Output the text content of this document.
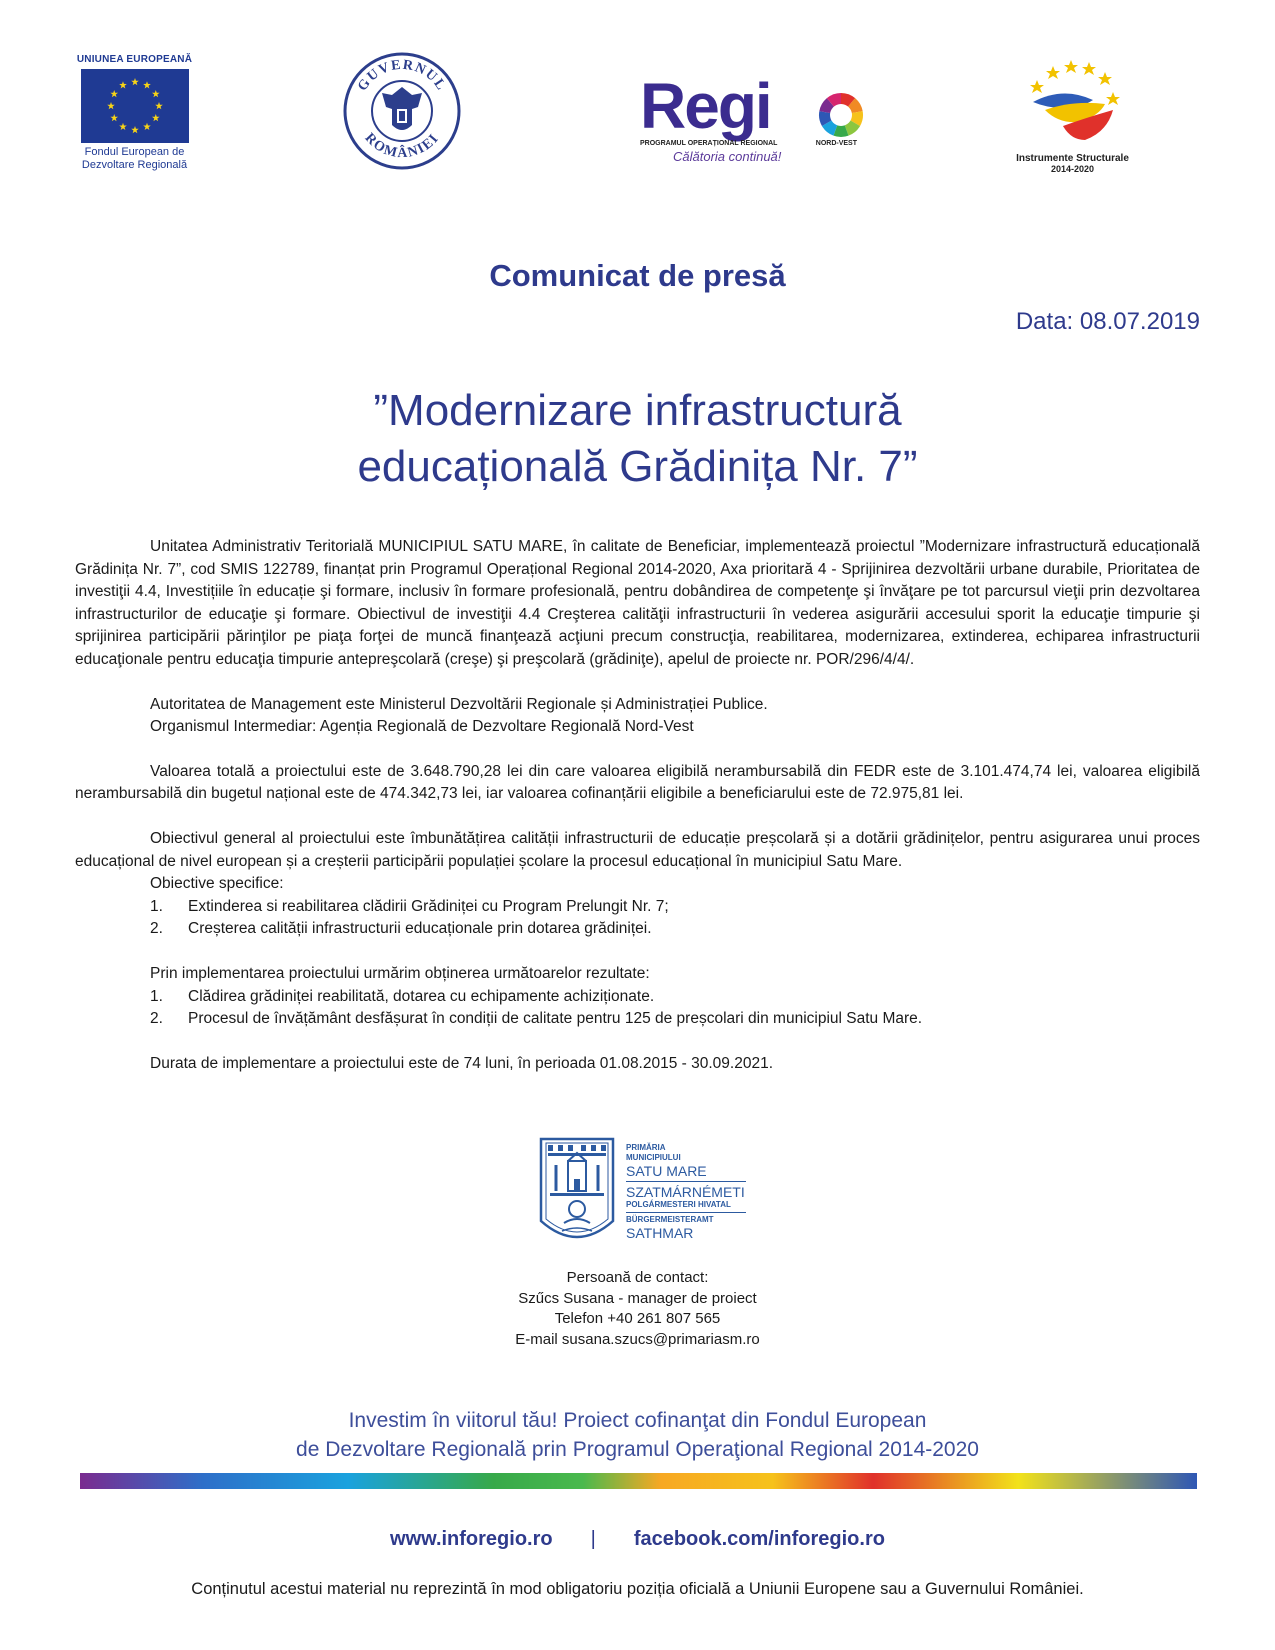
UNIUNEA EUROPEANĂ
Fondul European de
Dezvoltare Regională
GUVERNUL
ROMÂNIEI	Regi
PROGRAMUL OPERAȚIONAL REGIONAL	NORD-VEST
Călătoria continuă!	Instrumente Structurale
2014-2020
Comunicat de presă
Data: 08.07.2019
”Modernizare infrastructură
educațională Grădinița Nr. 7”

Unitatea Administrativ Teritorială MUNICIPIUL SATU MARE, în calitate de Beneficiar, implementează proiectul ”Modernizare infrastructură educațională Grădinița Nr. 7”, cod SMIS 122789, finanțat prin Programul Operațional Regional 2014-2020, Axa prioritară 4 - Sprijinirea dezvoltării urbane durabile, Prioritatea de investiţii 4.4, Investițiile în educație şi formare, inclusiv în formare profesională, pentru dobândirea de competenţe şi învăţare pe tot parcursul vieţii prin dezvoltarea infrastructurilor de educaţie şi formare. Obiectivul de investiţii 4.4 Creşterea calităţii infrastructurii în vederea asigurării accesului sporit la educaţie timpurie şi sprijinirea participării părinţilor pe piaţa forţei de muncă finanţează acţiuni precum construcţia, reabilitarea, modernizarea, extinderea, echiparea infrastructurii educaţionale pentru educaţia timpurie antepreşcolară (creşe) şi preşcolară (grădiniţe), apelul de proiecte nr. POR/296/4/4/.

Autoritatea de Management este Ministerul Dezvoltării Regionale și Administrației Publice.

Organismul Intermediar: Agenția Regională de Dezvoltare Regională Nord-Vest

Valoarea totală a proiectului este de 3.648.790,28 lei din care valoarea eligibilă nerambursabilă din FEDR este de 3.101.474,74 lei, valoarea eligibilă nerambursabilă din bugetul național este de 474.342,73 lei, iar valoarea cofinanțării eligibile a beneficiarului este de 72.975,81 lei.

Obiectivul general al proiectului este îmbunătățirea calității infrastructurii de educație preșcolară și a dotării grădinițelor, pentru asigurarea unui proces educațional de nivel european și a creșterii participării populației școlare la procesul educațional în municipiul Satu Mare.

Obiective specifice:

1. Extinderea si reabilitarea clădirii Grădiniței cu Program Prelungit Nr. 7;

2. Creșterea calității infrastructurii educaționale prin dotarea grădiniței.

Prin implementarea proiectului urmărim obținerea următoarelor rezultate:

1. Clădirea grădiniței reabilitată, dotarea cu echipamente achiziționate.

2. Procesul de învățământ desfășurat în condiții de calitate pentru 125 de preșcolari din municipiul Satu Mare.

Durata de implementare a proiectului este de 74 luni, în perioada 01.08.2015 - 30.09.2021.

PRIMĂRIA
MUNICIPIULUI
SATU MARE
SZATMÁRNÉMETI
POLGÁRMESTERI HIVATAL
BÜRGERMEISTERAMT
SATHMAR
Persoană de contact:
Szűcs Susana - manager de proiect
Telefon +40 261 807 565
E-mail susana.szucs@primariasm.ro
Investim în viitorul tău! Proiect cofinanţat din Fondul European
de Dezvoltare Regională prin Programul Operaţional Regional 2014-2020
www.inforegio.ro | facebook.com/inforegio.ro
Conținutul acestui material nu reprezintă în mod obligatoriu poziția oficială a Uniunii Europene sau a Guvernului României.
